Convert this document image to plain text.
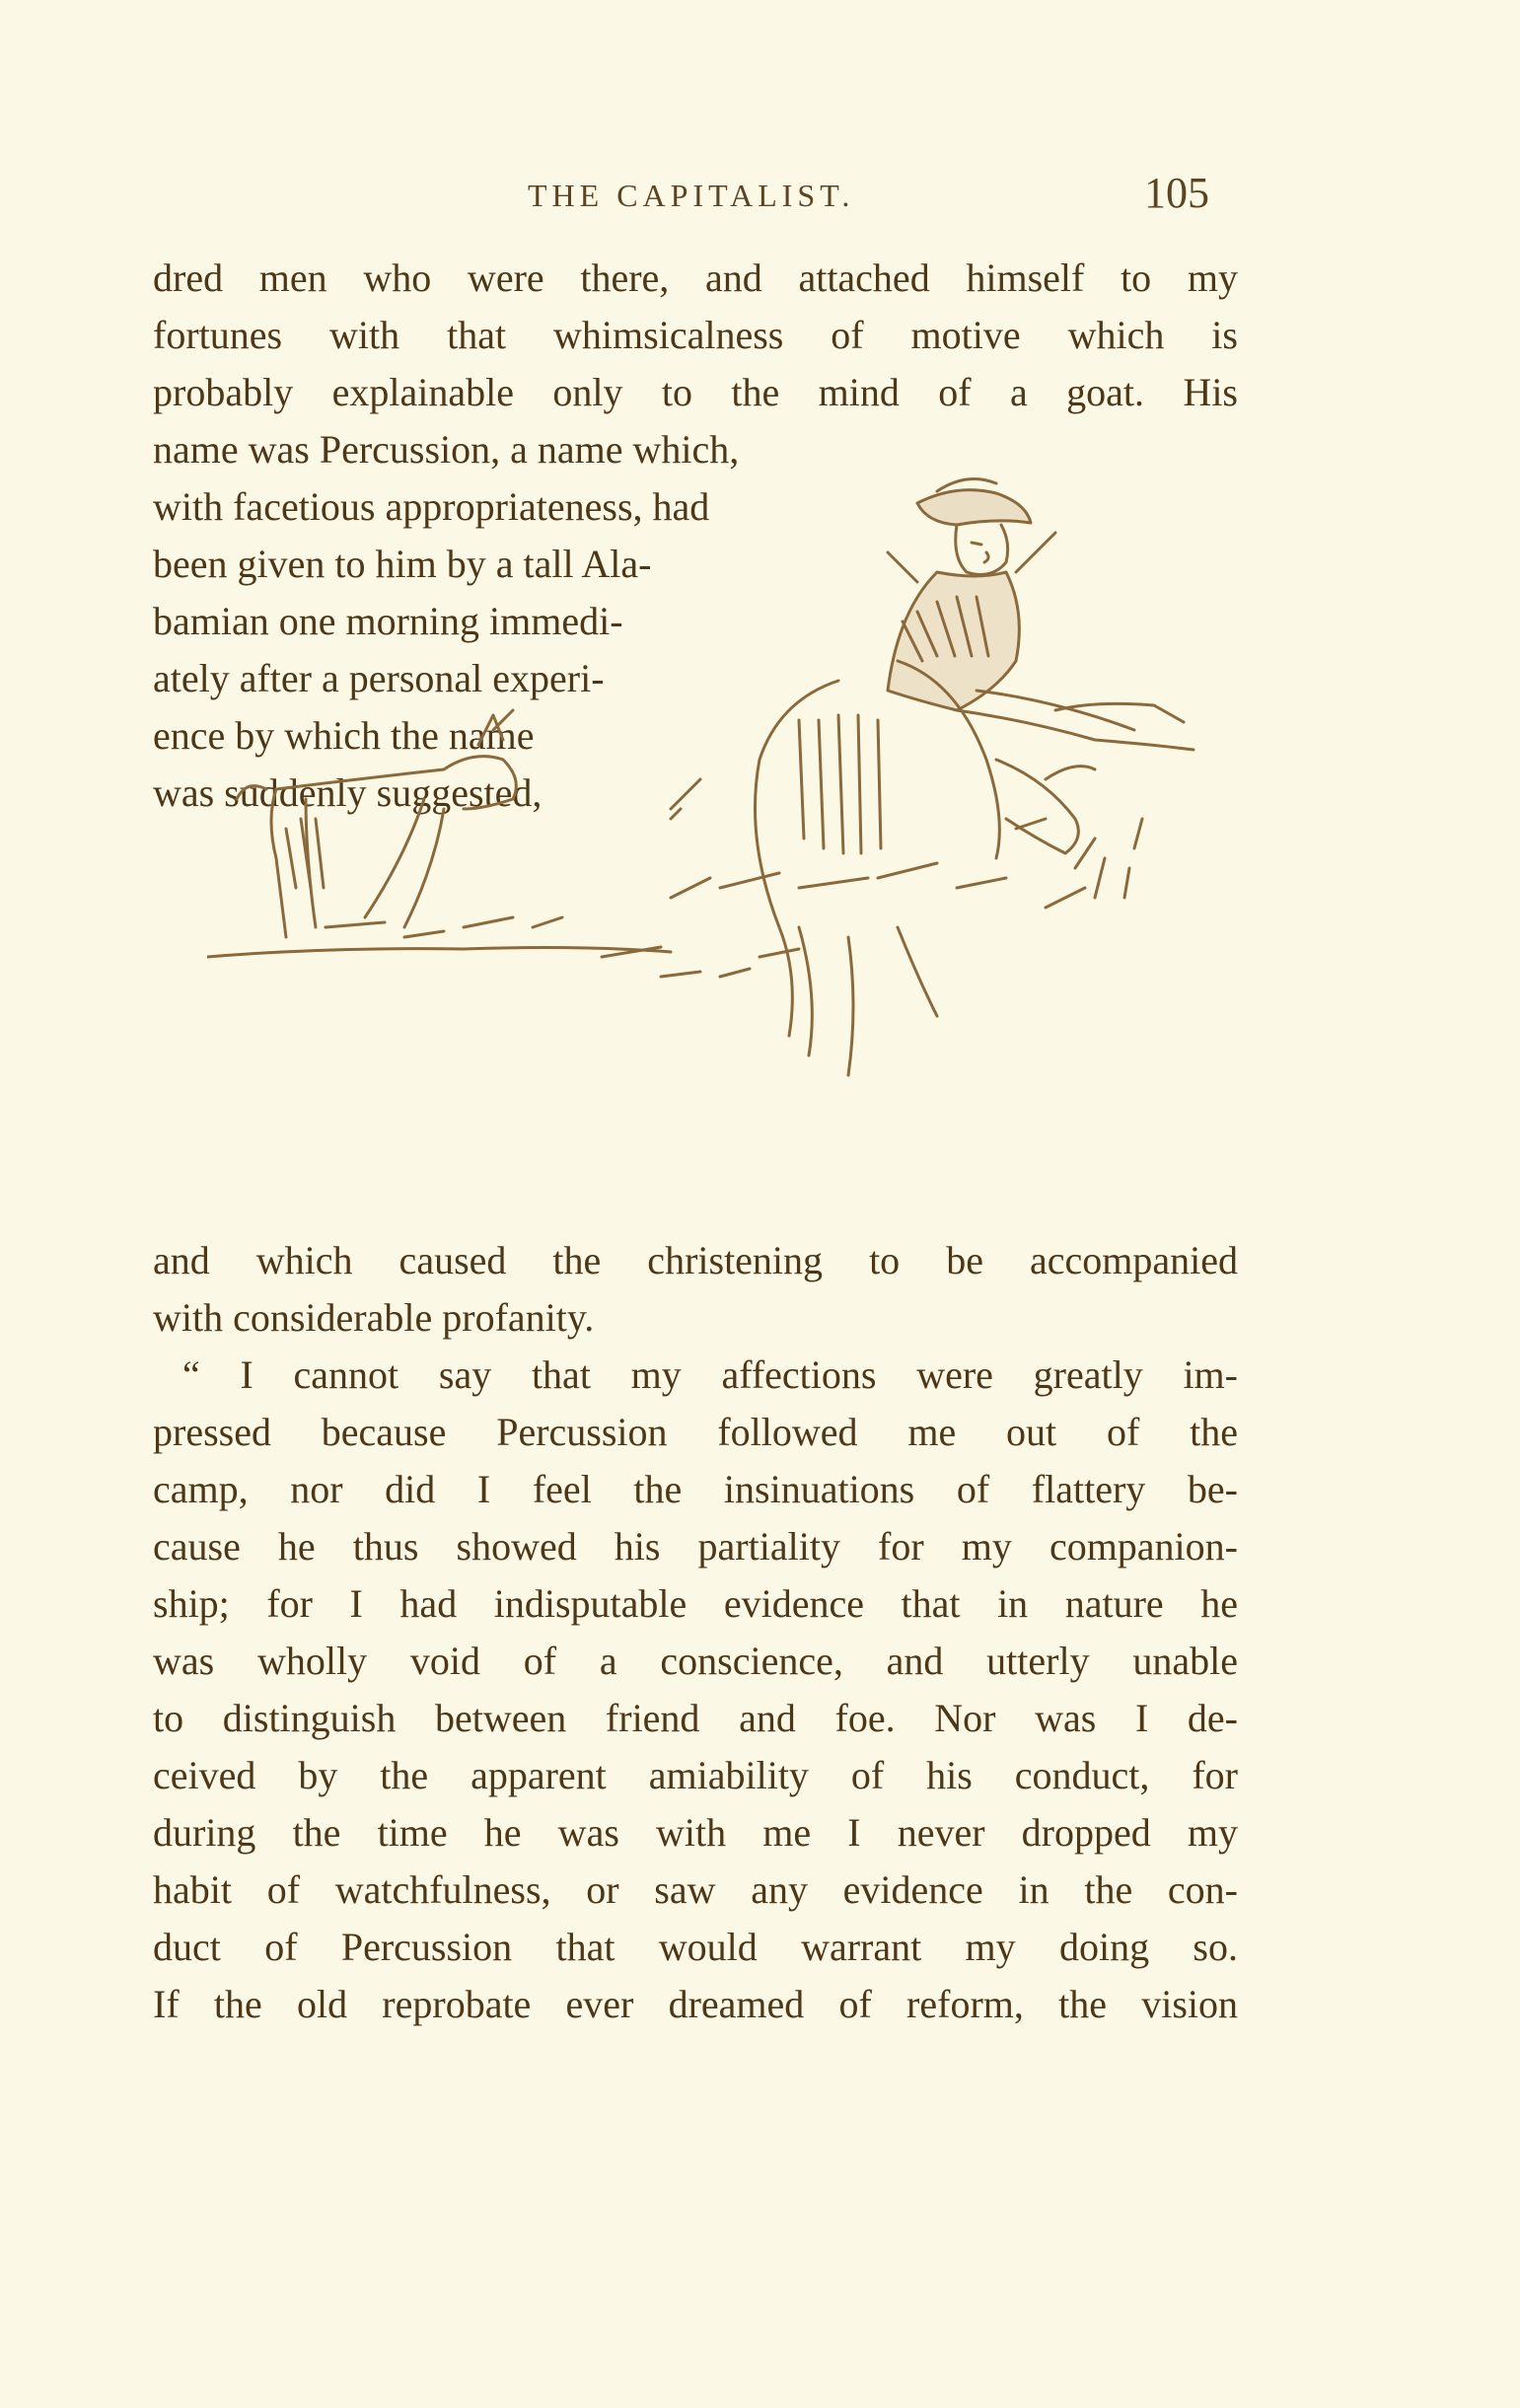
THE CAPITALIST.	105
dred men who were there, and attached himself to my
fortunes with that whimsicalness of motive which is
probably explainable only to the mind of a goat. His
name was Percussion, a name which,
with facetious appropriateness, had
been given to him by a tall Ala-
bamian one morning immedi-
ately after a personal experi-
ence by which the name
was suddenly suggested,
and which caused the christening to be accompanied
with considerable profanity.
“ I cannot say that my affections were greatly im-
pressed because Percussion followed me out of the
camp, nor did I feel the insinuations of flattery be-
cause he thus showed his partiality for my companion-
ship; for I had indisputable evidence that in nature he
was wholly void of a conscience, and utterly unable
to distinguish between friend and foe. Nor was I de-
ceived by the apparent amiability of his conduct, for
during the time he was with me I never dropped my
habit of watchfulness, or saw any evidence in the con-
duct of Percussion that would warrant my doing so.
If the old reprobate ever dreamed of reform, the vision
